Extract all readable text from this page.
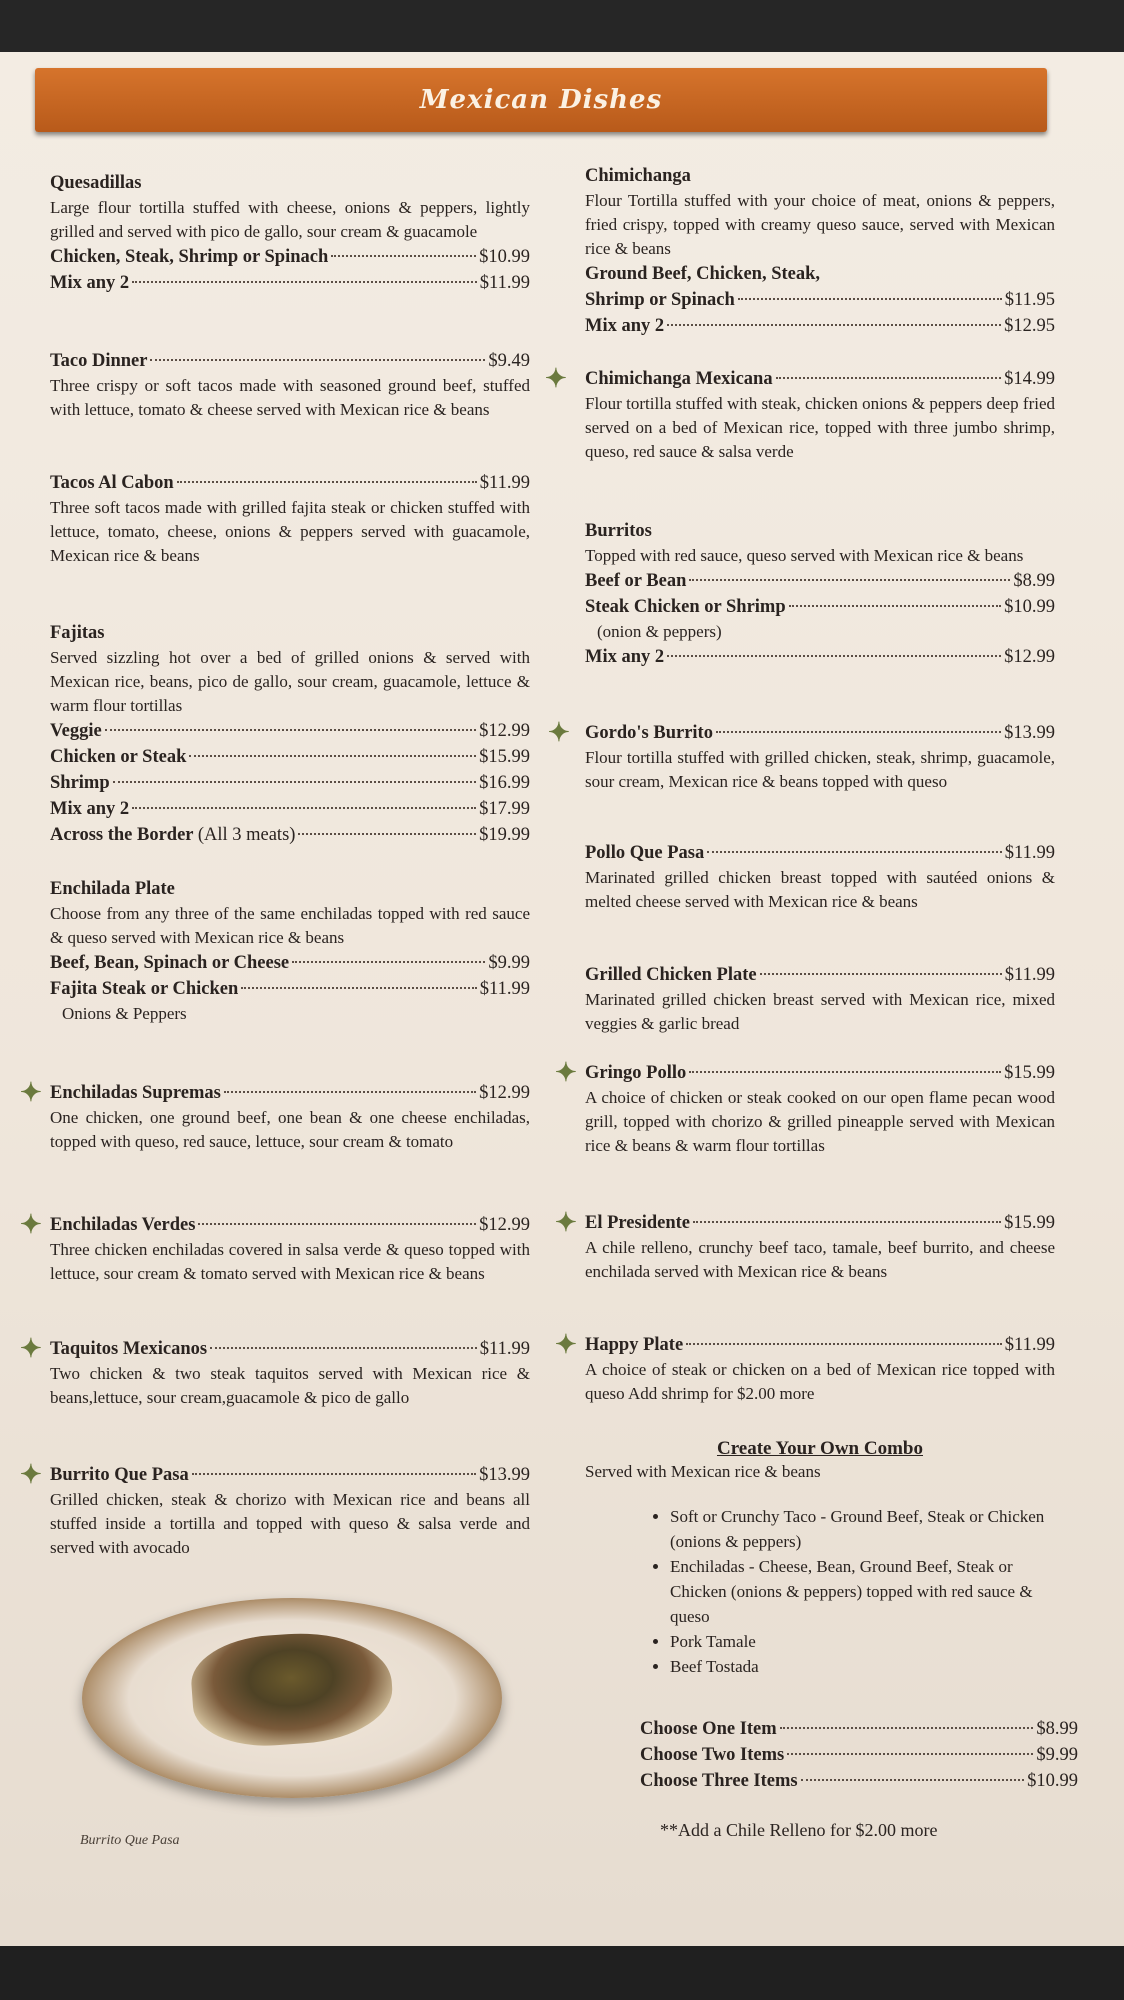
Mexican Dishes
Quesadillas
Large flour tortilla stuffed with cheese, onions & peppers, lightly grilled and served with pico de gallo, sour cream & guacamole
Chicken, Steak, Shrimp or Spinach	$10.99
Mix any 2	$11.99
Taco Dinner	$9.49
Three crispy or soft tacos made with seasoned ground beef, stuffed with lettuce, tomato & cheese served with Mexican rice & beans
Tacos Al Cabon	$11.99
Three soft tacos made with grilled fajita steak or chicken stuffed with lettuce, tomato, cheese, onions & peppers served with guacamole, Mexican rice & beans
Fajitas
Served sizzling hot over a bed of grilled onions & served with Mexican rice, beans, pico de gallo, sour cream, guacamole, lettuce & warm flour tortillas
Veggie	$12.99
Chicken or Steak	$15.99
Shrimp	$16.99
Mix any 2	$17.99
Across the Border (All 3 meats)	$19.99
Enchilada Plate
Choose from any three of the same enchiladas topped with red sauce & queso served with Mexican rice & beans
Beef, Bean, Spinach or Cheese	$9.99
Fajita Steak or Chicken	$11.99
Onions & Peppers
✦ Enchiladas Supremas	$12.99
One chicken, one ground beef, one bean & one cheese enchiladas, topped with queso, red sauce, lettuce, sour cream & tomato
✦ Enchiladas Verdes	$12.99
Three chicken enchiladas covered in salsa verde & queso topped with lettuce, sour cream & tomato served with Mexican rice & beans
✦ Taquitos Mexicanos	$11.99
Two chicken & two steak taquitos served with Mexican rice & beans,lettuce, sour cream,guacamole & pico de gallo
✦ Burrito Que Pasa	$13.99
Grilled chicken, steak & chorizo with Mexican rice and beans all stuffed inside a tortilla and topped with queso & salsa verde and served with avocado
Burrito Que Pasa
Chimichanga
Flour Tortilla stuffed with your choice of meat, onions & peppers, fried crispy, topped with creamy queso sauce, served with Mexican rice & beans
Ground Beef, Chicken, Steak,
Shrimp or Spinach	$11.95
Mix any 2	$12.95
✦ Chimichanga Mexicana	$14.99
Flour tortilla stuffed with steak, chicken onions & peppers deep fried served on a bed of Mexican rice, topped with three jumbo shrimp, queso, red sauce & salsa verde
Burritos
Topped with red sauce, queso served with Mexican rice & beans
Beef or Bean	$8.99
Steak Chicken or Shrimp	$10.99
(onion & peppers)
Mix any 2	$12.99
✦ Gordo's Burrito	$13.99
Flour tortilla stuffed with grilled chicken, steak, shrimp, guacamole, sour cream, Mexican rice & beans topped with queso
Pollo Que Pasa	$11.99
Marinated grilled chicken breast topped with sautéed onions & melted cheese served with Mexican rice & beans
Grilled Chicken Plate	$11.99
Marinated grilled chicken breast served with Mexican rice, mixed veggies & garlic bread
✦ Gringo Pollo	$15.99
A choice of chicken or steak cooked on our open flame pecan wood grill, topped with chorizo & grilled pineapple served with Mexican rice & beans & warm flour tortillas
✦ El Presidente	$15.99
A chile relleno, crunchy beef taco, tamale, beef burrito, and cheese enchilada served with Mexican rice & beans
✦ Happy Plate	$11.99
A choice of steak or chicken on a bed of Mexican rice topped with queso Add shrimp for $2.00 more
Create Your Own Combo
Served with Mexican rice & beans
• Soft or Crunchy Taco - Ground Beef, Steak or Chicken (onions & peppers)
• Enchiladas - Cheese, Bean, Ground Beef, Steak or Chicken (onions & peppers) topped with red sauce & queso
• Pork Tamale
• Beef Tostada
Choose One Item	$8.99
Choose Two Items	$9.99
Choose Three Items	$10.99
**Add a Chile Relleno for $2.00 more
